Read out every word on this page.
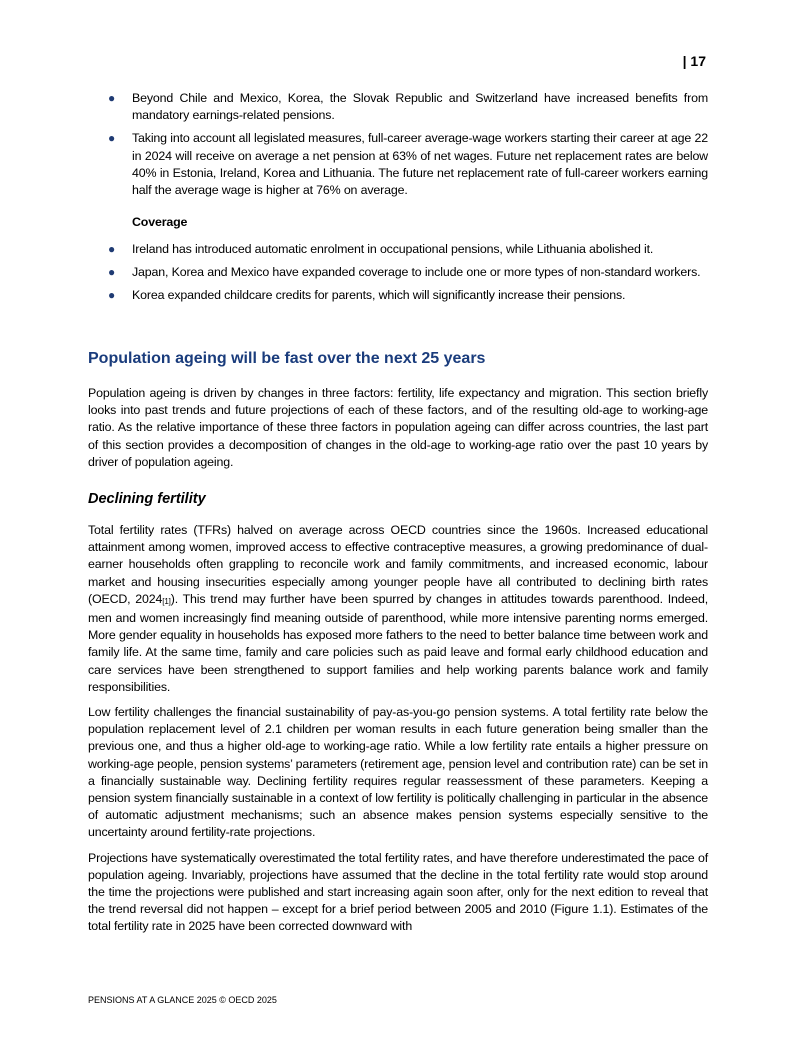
| 17
● Beyond Chile and Mexico, Korea, the Slovak Republic and Switzerland have increased benefits from mandatory earnings-related pensions.

● Taking into account all legislated measures, full-career average-wage workers starting their career at age 22 in 2024 will receive on average a net pension at 63% of net wages. Future net replacement rates are below 40% in Estonia, Ireland, Korea and Lithuania. The future net replacement rate of full-career workers earning half the average wage is higher at 76% on average.

Coverage

● Ireland has introduced automatic enrolment in occupational pensions, while Lithuania abolished it.

● Japan, Korea and Mexico have expanded coverage to include one or more types of non-standard workers.

● Korea expanded childcare credits for parents, which will significantly increase their pensions.

Population ageing will be fast over the next 25 years

Population ageing is driven by changes in three factors: fertility, life expectancy and migration. This section briefly looks into past trends and future projections of each of these factors, and of the resulting old-age to working-age ratio. As the relative importance of these three factors in population ageing can differ across countries, the last part of this section provides a decomposition of changes in the old-age to working-age ratio over the past 10 years by driver of population ageing.

Declining fertility

Total fertility rates (TFRs) halved on average across OECD countries since the 1960s. Increased educational attainment among women, improved access to effective contraceptive measures, a growing predominance of dual-earner households often grappling to reconcile work and family commitments, and increased economic, labour market and housing insecurities especially among younger people have all contributed to declining birth rates (OECD, 2024[1]). This trend may further have been spurred by changes in attitudes towards parenthood. Indeed, men and women increasingly find meaning outside of parenthood, while more intensive parenting norms emerged. More gender equality in households has exposed more fathers to the need to better balance time between work and family life. At the same time, family and care policies such as paid leave and formal early childhood education and care services have been strengthened to support families and help working parents balance work and family responsibilities.

Low fertility challenges the financial sustainability of pay-as-you-go pension systems. A total fertility rate below the population replacement level of 2.1 children per woman results in each future generation being smaller than the previous one, and thus a higher old-age to working-age ratio. While a low fertility rate entails a higher pressure on working-age people, pension systems’ parameters (retirement age, pension level and contribution rate) can be set in a financially sustainable way. Declining fertility requires regular reassessment of these parameters. Keeping a pension system financially sustainable in a context of low fertility is politically challenging in particular in the absence of automatic adjustment mechanisms; such an absence makes pension systems especially sensitive to the uncertainty around fertility-rate projections.

Projections have systematically overestimated the total fertility rates, and have therefore underestimated the pace of population ageing. Invariably, projections have assumed that the decline in the total fertility rate would stop around the time the projections were published and start increasing again soon after, only for the next edition to reveal that the trend reversal did not happen – except for a brief period between 2005 and 2010 (Figure 1.1). Estimates of the total fertility rate in 2025 have been corrected downward with

PENSIONS AT A GLANCE 2025 © OECD 2025
